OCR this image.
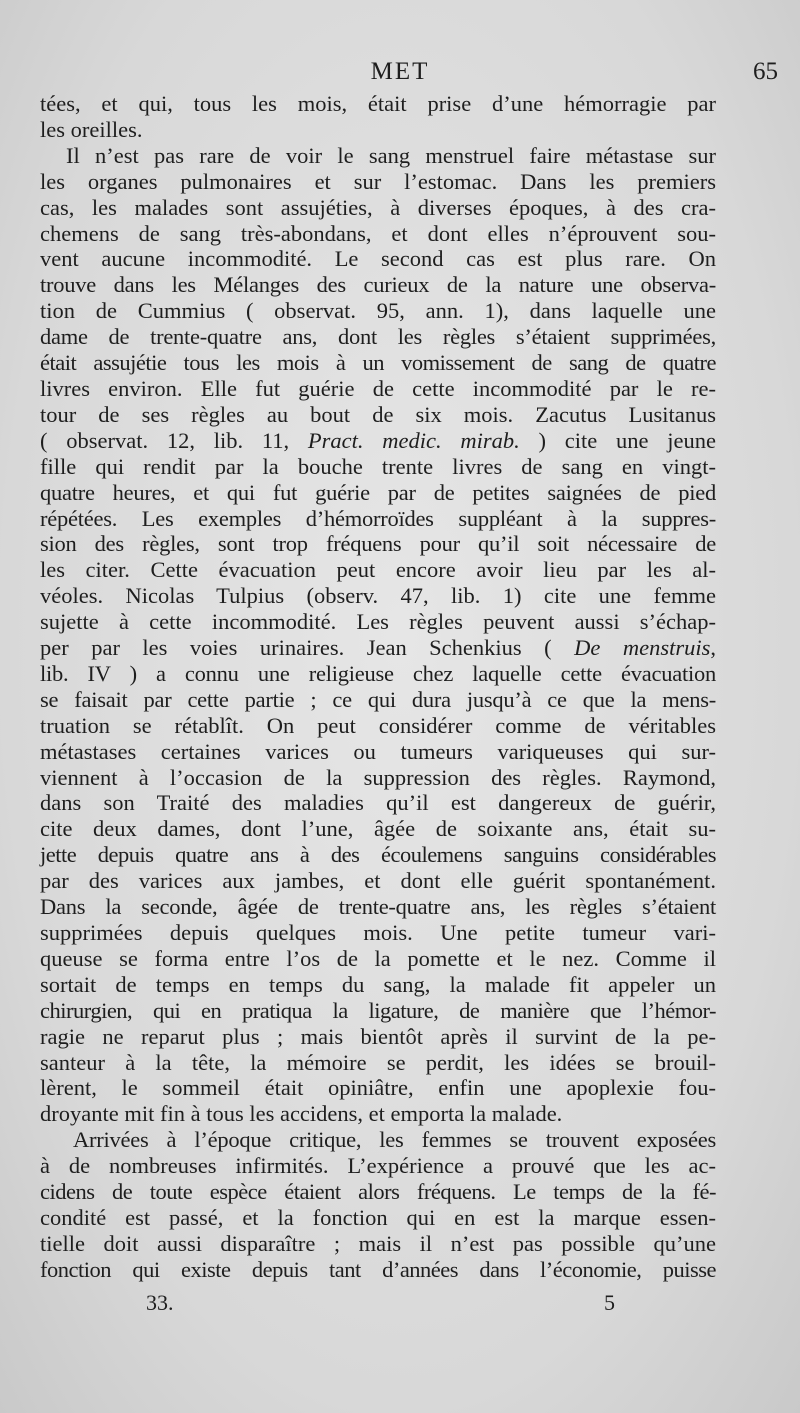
MET	65
tées, et qui, tous les mois, était prise d’une hémorragie par
les oreilles.
Il n’est pas rare de voir le sang menstruel faire métastase sur
les organes pulmonaires et sur l’estomac. Dans les premiers
cas, les malades sont assujéties, à diverses époques, à des cra-
chemens de sang très-abondans, et dont elles n’éprouvent sou-
vent aucune incommodité. Le second cas est plus rare. On
trouve dans les Mélanges des curieux de la nature une observa-
tion de Cummius ( observat. 95, ann. 1), dans laquelle une
dame de trente-quatre ans, dont les règles s’étaient supprimées,
était assujétie tous les mois à un vomissement de sang de quatre
livres environ. Elle fut guérie de cette incommodité par le re-
tour de ses règles au bout de six mois. Zacutus Lusitanus
( observat. 12, lib. 11, Pract. medic. mirab. ) cite une jeune
fille qui rendit par la bouche trente livres de sang en vingt-
quatre heures, et qui fut guérie par de petites saignées de pied
répétées. Les exemples d’hémorroïdes suppléant à la suppres-
sion des règles, sont trop fréquens pour qu’il soit nécessaire de
les citer. Cette évacuation peut encore avoir lieu par les al-
véoles. Nicolas Tulpius (observ. 47, lib. 1) cite une femme
sujette à cette incommodité. Les règles peuvent aussi s’échap-
per par les voies urinaires. Jean Schenkius ( De menstruis,
lib. IV ) a connu une religieuse chez laquelle cette évacuation
se faisait par cette partie ; ce qui dura jusqu’à ce que la mens-
truation se rétablît. On peut considérer comme de véritables
métastases certaines varices ou tumeurs variqueuses qui sur-
viennent à l’occasion de la suppression des règles. Raymond,
dans son Traité des maladies qu’il est dangereux de guérir,
cite deux dames, dont l’une, âgée de soixante ans, était su-
jette depuis quatre ans à des écoulemens sanguins considérables
par des varices aux jambes, et dont elle guérit spontanément.
Dans la seconde, âgée de trente-quatre ans, les règles s’étaient
supprimées depuis quelques mois. Une petite tumeur vari-
queuse se forma entre l’os de la pomette et le nez. Comme il
sortait de temps en temps du sang, la malade fit appeler un
chirurgien, qui en pratiqua la ligature, de manière que l’hémor-
ragie ne reparut plus ; mais bientôt après il survint de la pe-
santeur à la tête, la mémoire se perdit, les idées se brouil-
lèrent, le sommeil était opiniâtre, enfin une apoplexie fou-
droyante mit fin à tous les accidens, et emporta la malade.
Arrivées à l’époque critique, les femmes se trouvent exposées
à de nombreuses infirmités. L’expérience a prouvé que les ac-
cidens de toute espèce étaient alors fréquens. Le temps de la fé-
condité est passé, et la fonction qui en est la marque essen-
tielle doit aussi disparaître ; mais il n’est pas possible qu’une
fonction qui existe depuis tant d’années dans l’économie, puisse
33.	5
